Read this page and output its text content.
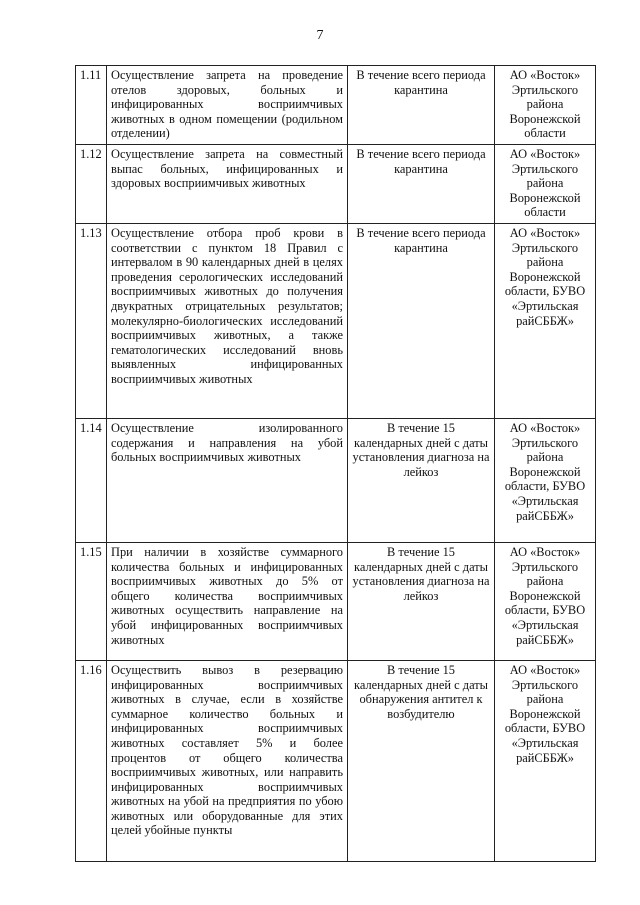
7
1.11	Осуществление запрета на проведение отелов здоровых, больных и инфицированных восприимчивых животных в одном помещении (родильном отделении)	В течение всего периода карантина	АО «Восток» Эртильского района Воронежской области
1.12	Осуществление запрета на совместный выпас больных, инфицированных и здоровых восприимчивых животных	В течение всего периода карантина	АО «Восток» Эртильского района Воронежской области
1.13	Осуществление отбора проб крови в соответствии с пунктом 18 Правил с интервалом в 90 календарных дней в целях проведения серологических исследований восприимчивых животных до получения двукратных отрицательных результатов; молекулярно-биологических исследований восприимчивых животных, а также гематологических исследований вновь выявленных инфицированных восприимчивых животных	В течение всего периода карантина	АО «Восток» Эртильского района Воронежской области, БУВО «Эртильская райСББЖ»
1.14	Осуществление изолированного содержания и направления на убой больных восприимчивых животных	В течение 15 календарных дней с даты установления диагноза на лейкоз	АО «Восток» Эртильского района Воронежской области, БУВО «Эртильская райСББЖ»
1.15	При наличии в хозяйстве суммарного количества больных и инфицированных восприимчивых животных до 5% от общего количества восприимчивых животных осуществить направление на убой инфицированных восприимчивых животных	В течение 15 календарных дней с даты установления диагноза на лейкоз	АО «Восток» Эртильского района Воронежской области, БУВО «Эртильская райСББЖ»
1.16	Осуществить вывоз в резервацию инфицированных восприимчивых животных в случае, если в хозяйстве суммарное количество больных и инфицированных восприимчивых животных составляет 5% и более процентов от общего количества восприимчивых животных, или направить инфицированных восприимчивых животных на убой на предприятия по убою животных или оборудованные для этих целей убойные пункты	В течение 15 календарных дней с даты обнаружения антител к возбудителю	АО «Восток» Эртильского района Воронежской области, БУВО «Эртильская райСББЖ»
